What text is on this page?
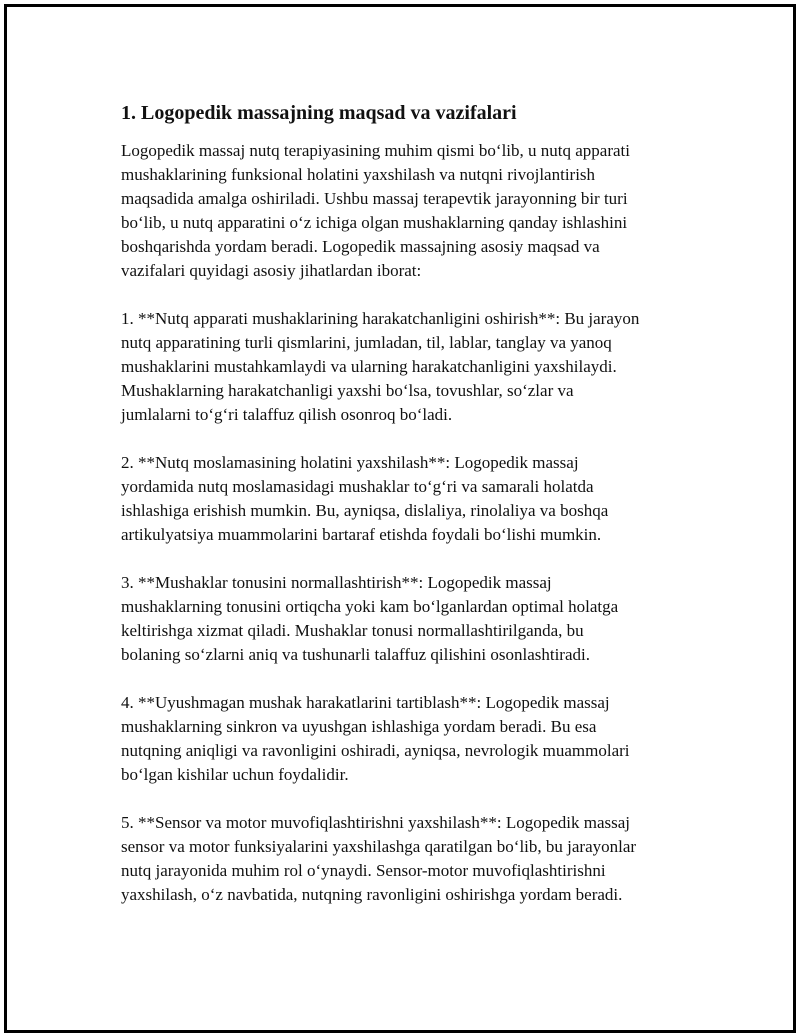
1. Logopedik massajning maqsad va vazifalari

Logopedik massaj nutq terapiyasining muhim qismi bo‘lib, u nutq apparati
mushaklarining funksional holatini yaxshilash va nutqni rivojlantirish
maqsadida amalga oshiriladi. Ushbu massaj terapevtik jarayonning bir turi
bo‘lib, u nutq apparatini o‘z ichiga olgan mushaklarning qanday ishlashini
boshqarishda yordam beradi. Logopedik massajning asosiy maqsad va
vazifalari quyidagi asosiy jihatlardan iborat:

1. **Nutq apparati mushaklarining harakatchanligini oshirish**: Bu jarayon
nutq apparatining turli qismlarini, jumladan, til, lablar, tanglay va yanoq
mushaklarini mustahkamlaydi va ularning harakatchanligini yaxshilaydi.
Mushaklarning harakatchanligi yaxshi bo‘lsa, tovushlar, so‘zlar va
jumlalarni to‘g‘ri talaffuz qilish osonroq bo‘ladi.

2. **Nutq moslamasining holatini yaxshilash**: Logopedik massaj
yordamida nutq moslamasidagi mushaklar to‘g‘ri va samarali holatda
ishlashiga erishish mumkin. Bu, ayniqsa, dislaliya, rinolaliya va boshqa
artikulyatsiya muammolarini bartaraf etishda foydali bo‘lishi mumkin.

3. **Mushaklar tonusini normallashtirish**: Logopedik massaj
mushaklarning tonusini ortiqcha yoki kam bo‘lganlardan optimal holatga
keltirishga xizmat qiladi. Mushaklar tonusi normallashtirilganda, bu
bolaning so‘zlarni aniq va tushunarli talaffuz qilishini osonlashtiradi.

4. **Uyushmagan mushak harakatlarini tartiblash**: Logopedik massaj
mushaklarning sinkron va uyushgan ishlashiga yordam beradi. Bu esa
nutqning aniqligi va ravonligini oshiradi, ayniqsa, nevrologik muammolari
bo‘lgan kishilar uchun foydalidir.

5. **Sensor va motor muvofiqlashtirishni yaxshilash**: Logopedik massaj
sensor va motor funksiyalarini yaxshilashga qaratilgan bo‘lib, bu jarayonlar
nutq jarayonida muhim rol o‘ynaydi. Sensor-motor muvofiqlashtirishni
yaxshilash, o‘z navbatida, nutqning ravonligini oshirishga yordam beradi.
